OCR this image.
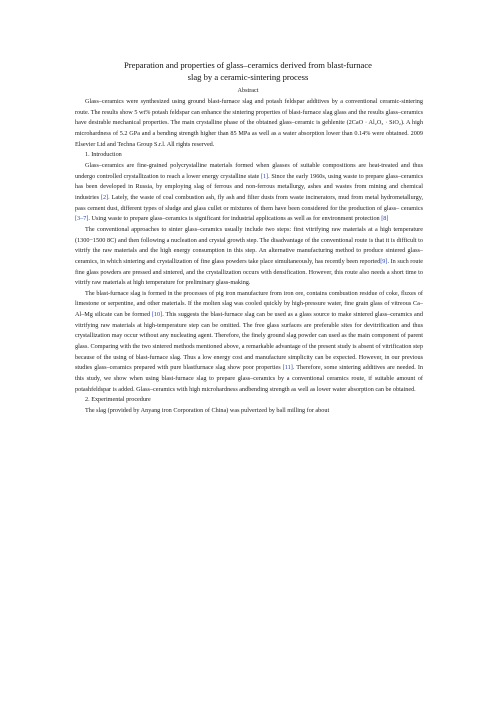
Preparation and properties of glass–ceramics derived from blast-furnace
slag by a ceramic-sintering process
Abstract

Glass–ceramics were synthesized using ground blast-furnace slag and potash feldspar additives by a conventional ceramic-sintering route. The results show 5 wt% potash feldspar can enhance the sintering properties of blast-furnace slag glass and the results glass–ceramics have desirable mechanical properties. The main crystalline phase of the obtained glass–ceramic is gehlenite (2CaO · Al₂O₃ · SiO₂). A high microhardness of 5.2 GPa and a bending strength higher than 85 MPa as well as a water absorption lower than 0.14% were obtained. 2009 Elsevier Ltd and Techna Group S.r.l. All rights reserved.

1. Introduction

Glass–ceramics are fine-grained polycrystalline materials formed when glasses of suitable compositions are heat-treated and thus undergo controlled crystallization to reach a lower energy crystalline state [1]. Since the early 1960s, using waste to prepare glass–ceramics has been developed in Russia, by employing slag of ferrous and non-ferrous metallurgy, ashes and wastes from mining and chemical industries [2]. Lately, the waste of coal combustion ash, fly ash and filter dusts from waste incinerators, mud from metal hydrometallurgy, pass cement dust, different types of sludge and glass cullet or mixtures of them have been considered for the production of glass– ceramics [3–7]. Using waste to prepare glass–ceramics is significant for industrial applications as well as for environment protection [8]

The conventional approaches to sinter glass–ceramics usually include two steps: first vitrifying raw materials at a high temperature (1300−1500 8C) and then following a nucleation and crystal growth step. The disadvantage of the conventional route is that it is difficult to vitrify the raw materials and the high energy consumption in this step. An alternative manufacturing method to produce sintered glass–ceramics, in which sintering and crystallization of fine glass powders take place simultaneously, has recently been reported[9]. In such route fine glass powders are pressed and sintered, and the crystallization occurs with densification. However, this route also needs a short time to vitrify raw materials at high temperature for preliminary glass-making.

The blast-furnace slag is formed in the processes of pig iron manufacture from iron ore, contains combustion residue of coke, fluxes of limestone or serpentine, and other materials. If the molten slag was cooled quickly by high-pressure water, fine grain glass of vitreous Ca–Al–Mg silicate can be formed [10]. This suggests the blast-furnace slag can be used as a glass source to make sintered glass–ceramics and vitrifying raw materials at high-temperature step can be omitted. The free glass surfaces are preferable sites for devitrification and thus crystallization may occur without any nucleating agent. Therefore, the finely ground slag powder can used as the main component of parent glass. Comparing with the two sintered methods mentioned above, a remarkable advantage of the present study is absent of vitrification step because of the using of blast-furnace slag. Thus a low energy cost and manufacture simplicity can be expected. However, in our previous studies glass–ceramics prepared with pure blastfurnace slag show poor properties [11]. Therefore, some sintering additives are needed. In this study, we show when using blast-furnace slag to prepare glass–ceramics by a conventional ceramics route, if suitable amount of potashfeldspar is added. Glass–ceramics with high microhardness andbending strength as well as lower water absorption can be obtained.

2. Experimental procedure

The slag (provided by Anyang iron Corporation of China) was pulverized by ball milling for about
